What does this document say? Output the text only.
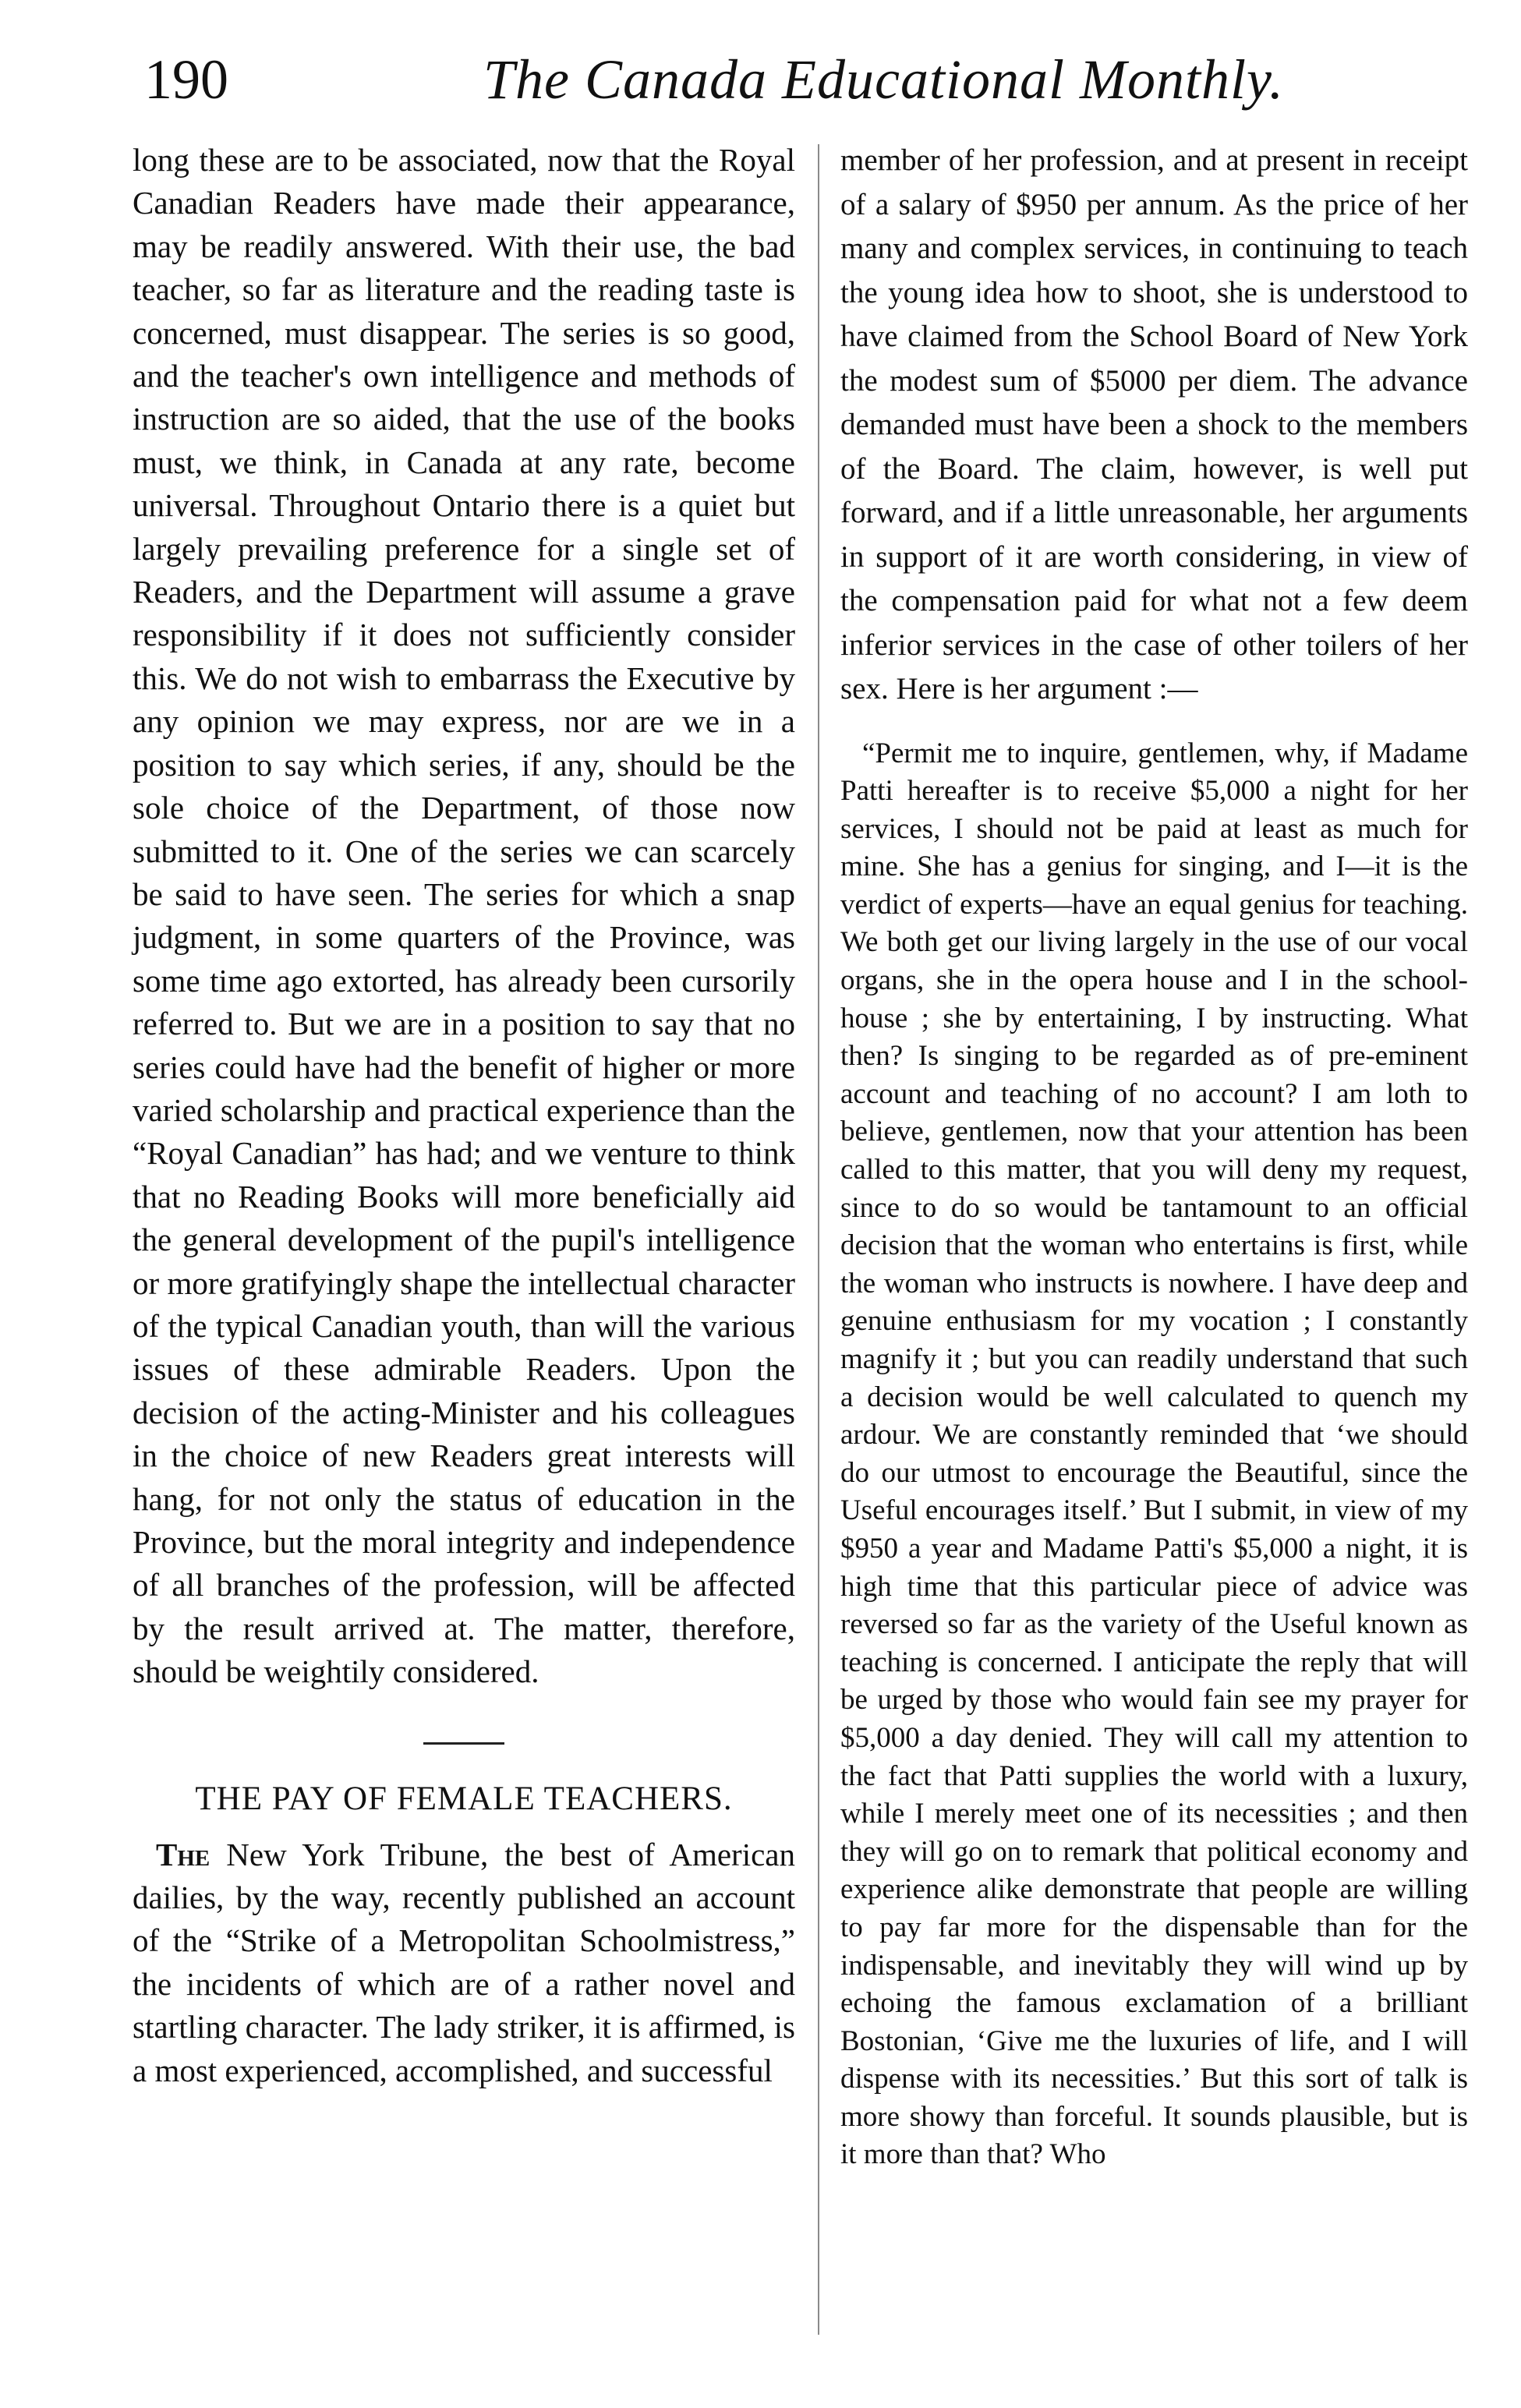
190	The Canada Educational Monthly.

long these are to be associated, now that the Royal Canadian Readers have made their appearance, may be readily answered. With their use, the bad teacher, so far as literature and the reading taste is concerned, must disappear. The series is so good, and the teacher's own intelligence and methods of instruction are so aided, that the use of the books must, we think, in Canada at any rate, become universal. Throughout Ontario there is a quiet but largely prevailing preference for a single set of Readers, and the Department will assume a grave responsibility if it does not sufficiently consider this. We do not wish to embarrass the Executive by any opinion we may express, nor are we in a position to say which series, if any, should be the sole choice of the Department, of those now submitted to it. One of the series we can scarcely be said to have seen. The series for which a snap judgment, in some quarters of the Province, was some time ago extorted, has already been cursorily referred to. But we are in a position to say that no series could have had the benefit of higher or more varied scholarship and practical experience than the “Royal Canadian” has had; and we venture to think that no Reading Books will more beneficially aid the general development of the pupil's intelligence or more gratifyingly shape the intellectual character of the typical Canadian youth, than will the various issues of these admirable Readers. Upon the decision of the acting-Minister and his colleagues in the choice of new Readers great interests will hang, for not only the status of education in the Province, but the moral integrity and independence of all branches of the profession, will be affected by the result arrived at. The matter, therefore, should be weightily considered.

THE PAY OF FEMALE TEACHERS.

The New York Tribune, the best of American dailies, by the way, recently published an account of the “Strike of a Metropolitan Schoolmistress,” the incidents of which are of a rather novel and startling character. The lady striker, it is affirmed, is a most experienced, accomplished, and successful

member of her profession, and at present in receipt of a salary of $950 per annum. As the price of her many and complex services, in continuing to teach the young idea how to shoot, she is understood to have claimed from the School Board of New York the modest sum of $5000 per diem. The advance demanded must have been a shock to the members of the Board. The claim, however, is well put forward, and if a little unreasonable, her arguments in support of it are worth considering, in view of the compensation paid for what not a few deem inferior services in the case of other toilers of her sex. Here is her argument :—

“Permit me to inquire, gentlemen, why, if Madame Patti hereafter is to receive $5,000 a night for her services, I should not be paid at least as much for mine. She has a genius for singing, and I—it is the verdict of experts—have an equal genius for teaching. We both get our living largely in the use of our vocal organs, she in the opera house and I in the school-house ; she by entertaining, I by instructing. What then? Is singing to be regarded as of pre-eminent account and teaching of no account? I am loth to believe, gentlemen, now that your attention has been called to this matter, that you will deny my request, since to do so would be tantamount to an official decision that the woman who entertains is first, while the woman who instructs is nowhere. I have deep and genuine enthusiasm for my vocation ; I constantly magnify it ; but you can readily understand that such a decision would be well calculated to quench my ardour. We are constantly reminded that ‘we should do our utmost to encourage the Beautiful, since the Useful encourages itself.’ But I submit, in view of my $950 a year and Madame Patti's $5,000 a night, it is high time that this particular piece of advice was reversed so far as the variety of the Useful known as teaching is concerned. I anticipate the reply that will be urged by those who would fain see my prayer for $5,000 a day denied. They will call my attention to the fact that Patti supplies the world with a luxury, while I merely meet one of its necessities ; and then they will go on to remark that political economy and experience alike demonstrate that people are willing to pay far more for the dispensable than for the indispensable, and inevitably they will wind up by echoing the famous exclamation of a brilliant Bostonian, ‘Give me the luxuries of life, and I will dispense with its necessities.’ But this sort of talk is more showy than forceful. It sounds plausible, but is it more than that? Who
